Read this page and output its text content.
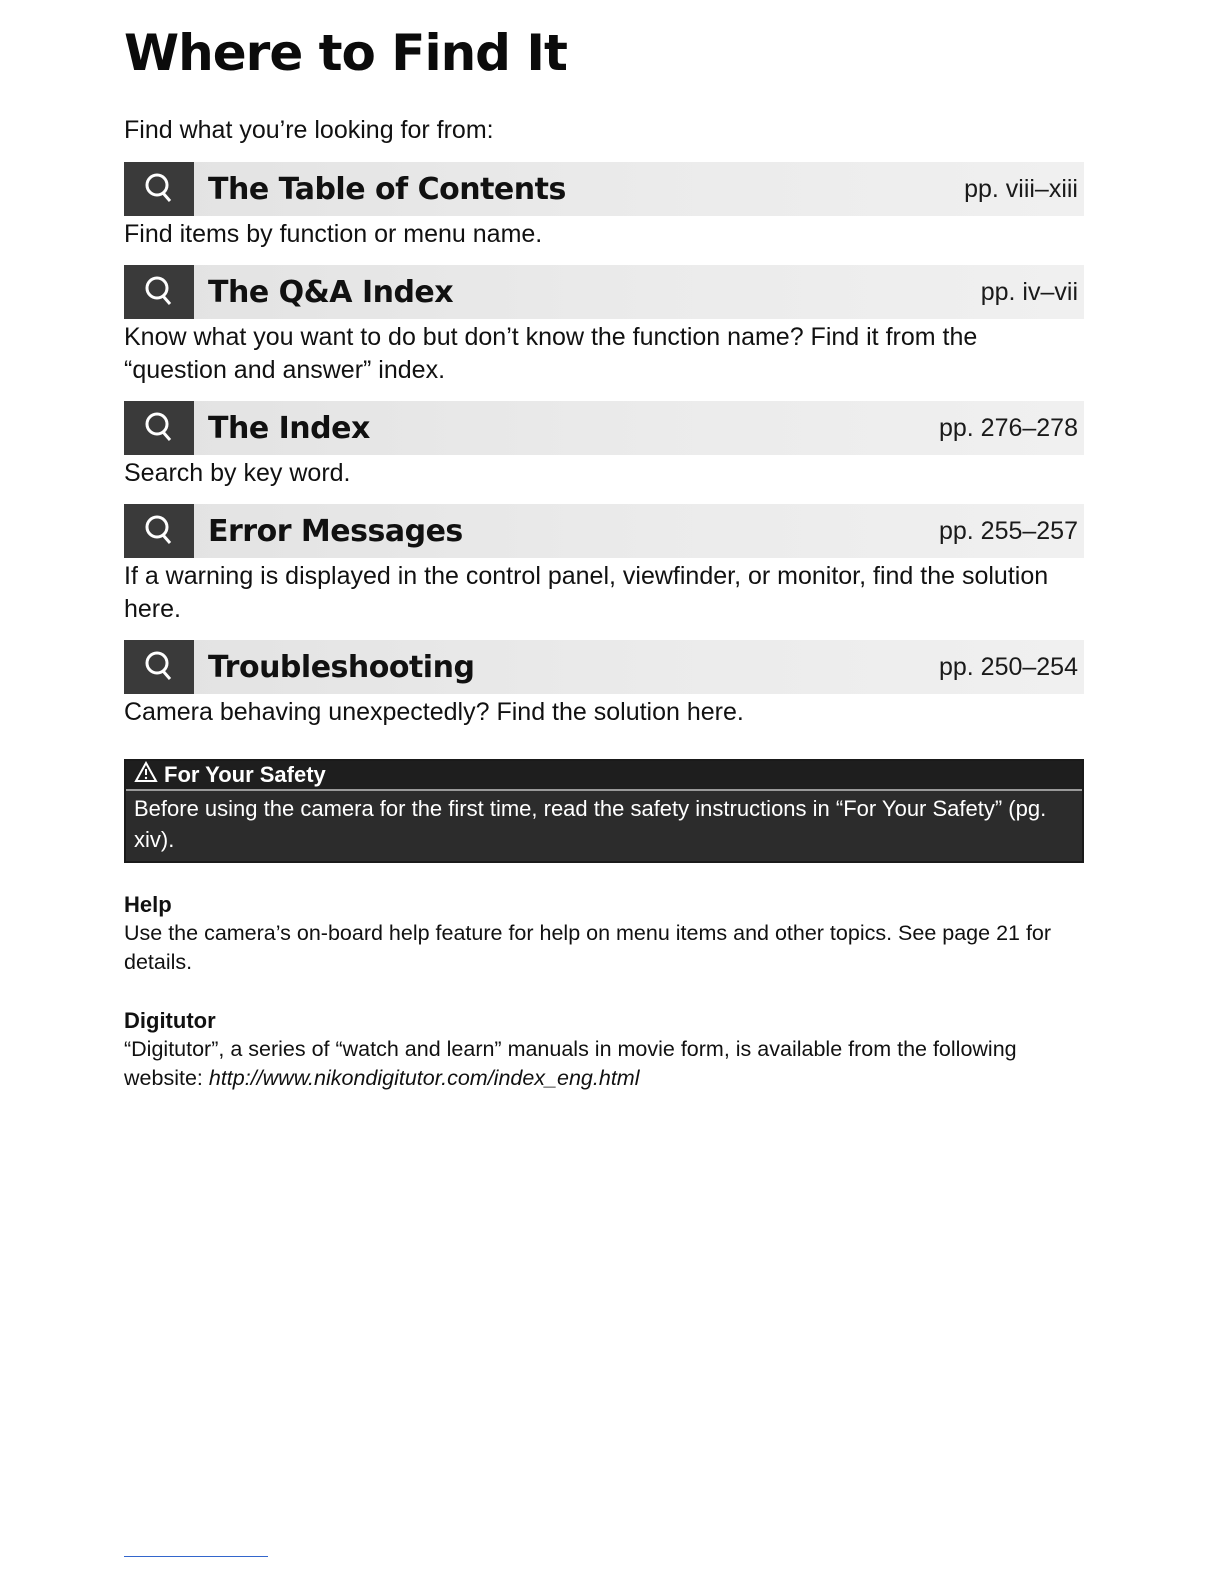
Where to Find It
Find what you’re looking for from:
The Table of Contents	pp. viii–xiii
Find items by function or menu name.
The Q&A Index	pp. iv–vii
Know what you want to do but don’t know the function name? Find it from the “question and answer” index.
The Index	pp. 276–278
Search by key word.
Error Messages	pp. 255–257
If a warning is displayed in the control panel, viewfinder, or monitor, find the solution here.
Troubleshooting	pp. 250–254
Camera behaving unexpectedly? Find the solution here.
For Your Safety
Before using the camera for the first time, read the safety instructions in “For Your Safety” (pg. xiv).
Help
Use the camera’s on-board help feature for help on menu items and other topics. See page 21 for details.
Digitutor
“Digitutor”, a series of “watch and learn” manuals in movie form, is available from the following website: http://www.nikondigitutor.com/index_eng.html
